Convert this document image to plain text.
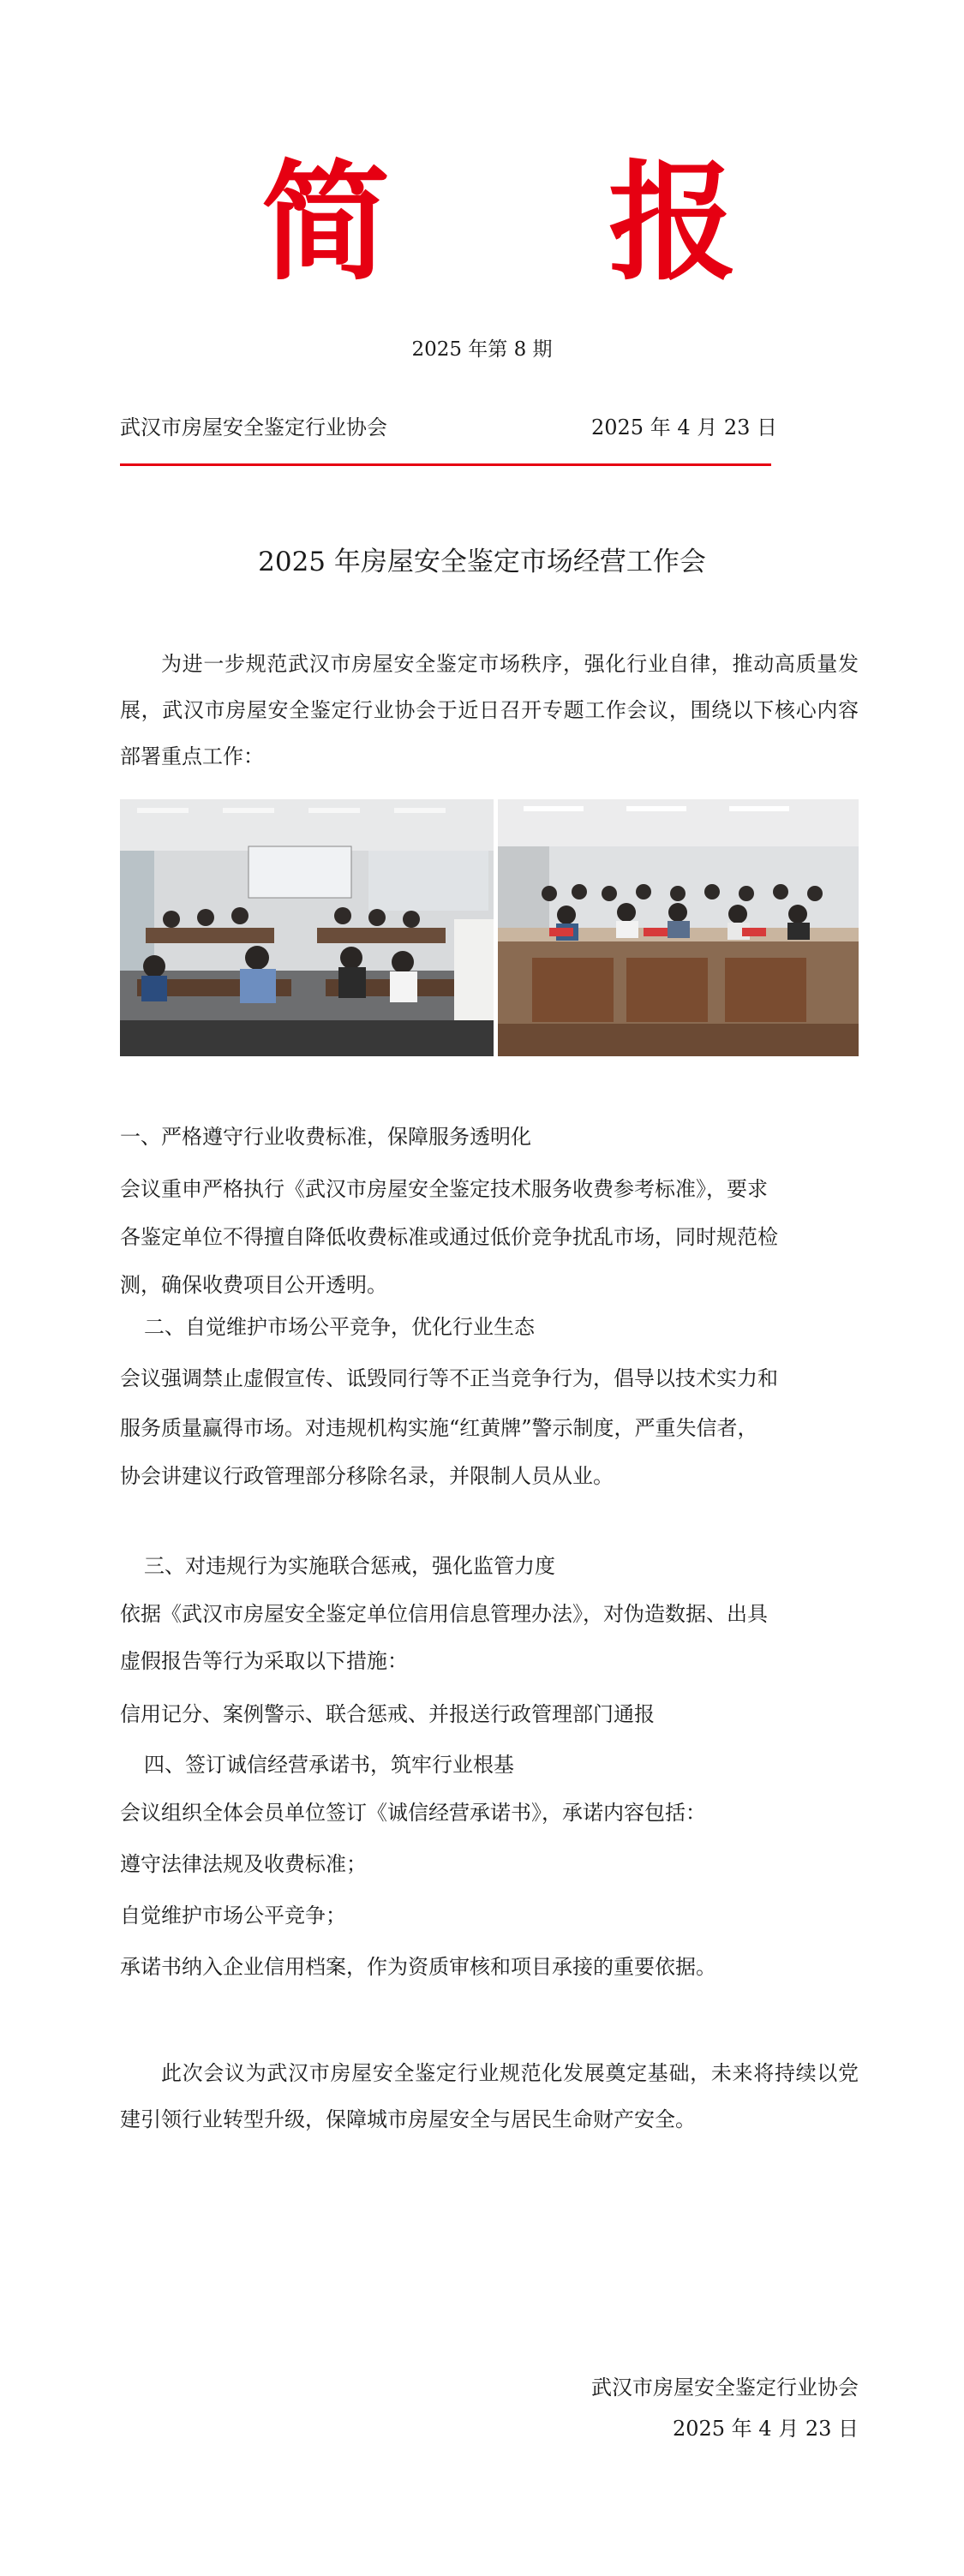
简 报
2025 年第 8 期
武汉市房屋安全鉴定行业协会	2025 年 4 月 23 日
2025 年房屋安全鉴定市场经营工作会
为进一步规范武汉市房屋安全鉴定市场秩序，强化行业自律，推动高质量发展，武汉市房屋安全鉴定行业协会于近日召开专题工作会议，围绕以下核心内容部署重点工作：
一、严格遵守行业收费标准，保障服务透明化
会议重申严格执行《武汉市房屋安全鉴定技术服务收费参考标准》，要求
各鉴定单位不得擅自降低收费标准或通过低价竞争扰乱市场，同时规范检
测，确保收费项目公开透明。
二、自觉维护市场公平竞争，优化行业生态
会议强调禁止虚假宣传、诋毁同行等不正当竞争行为，倡导以技术实力和
服务质量赢得市场。对违规机构实施“红黄牌”警示制度，严重失信者，
协会讲建议行政管理部分移除名录，并限制人员从业。
三、对违规行为实施联合惩戒，强化监管力度
依据《武汉市房屋安全鉴定单位信用信息管理办法》，对伪造数据、出具
虚假报告等行为采取以下措施：
信用记分、案例警示、联合惩戒、并报送行政管理部门通报
四、签订诚信经营承诺书，筑牢行业根基
会议组织全体会员单位签订《诚信经营承诺书》，承诺内容包括：
遵守法律法规及收费标准；
自觉维护市场公平竞争；
承诺书纳入企业信用档案，作为资质审核和项目承接的重要依据。
此次会议为武汉市房屋安全鉴定行业规范化发展奠定基础，未来将持续以党建引领行业转型升级，保障城市房屋安全与居民生命财产安全。
武汉市房屋安全鉴定行业协会
2025 年 4 月 23 日
